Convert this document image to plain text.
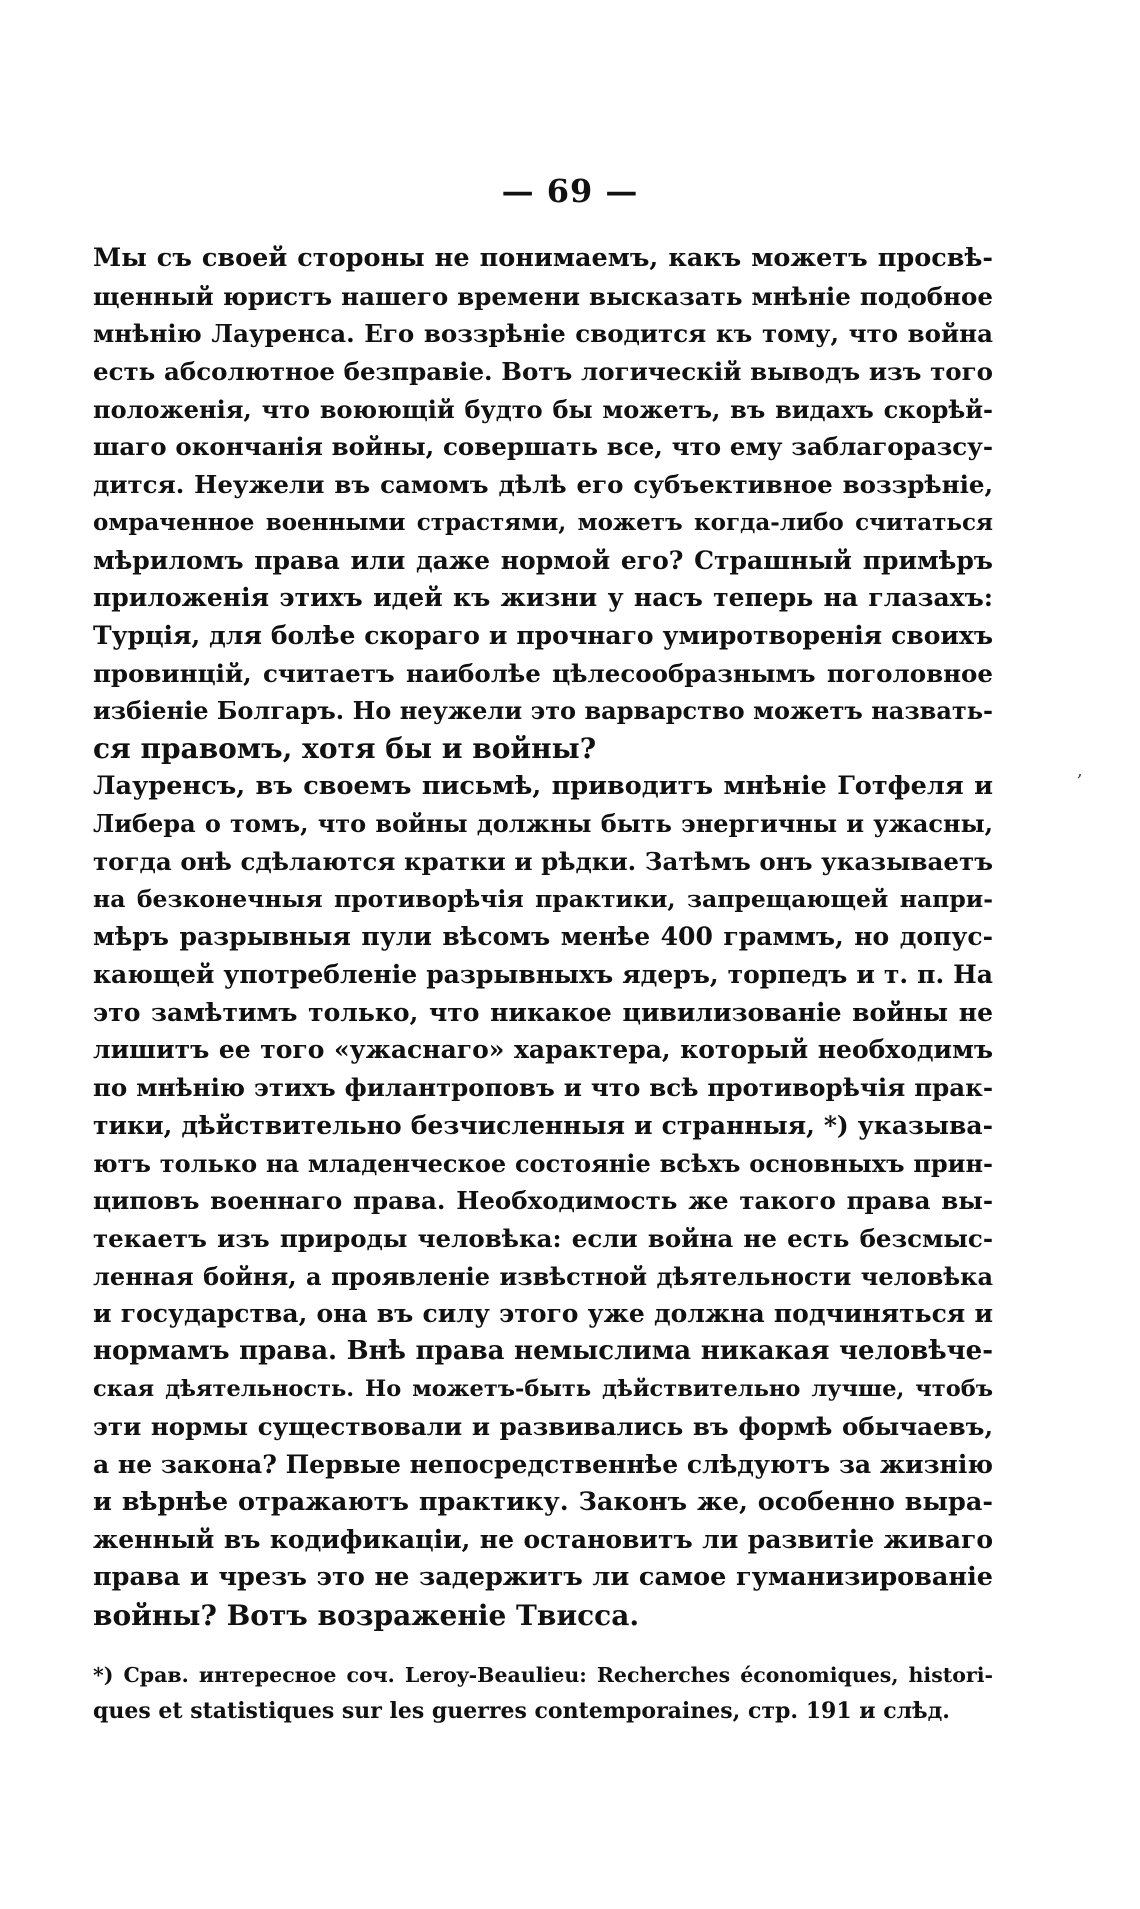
— 69 —
Мы съ своей стороны не понимаемъ, какъ можетъ просвѣ-
щенный юристъ нашего времени высказать мнѣніе подобное
мнѣнію Лауренса. Его воззрѣніе сводится къ тому, что война
есть абсолютное безправіе. Вотъ логическій выводъ изъ того
положенія, что воюющій будто бы можетъ, въ видахъ скорѣй-
шаго окончанія войны, совершать все, что ему заблагоразсу-
дится. Неужели въ самомъ дѣлѣ его субъективное воззрѣніе,
омраченное военными страстями, можетъ когда-либо считаться
мѣриломъ права или даже нормой его? Страшный примѣръ
приложенія этихъ идей къ жизни у насъ теперь на глазахъ:
Турція, для болѣе скораго и прочнаго умиротворенія своихъ
провинцій, считаетъ наиболѣе цѣлесообразнымъ поголовное
избіеніе Болгаръ. Но неужели это варварство можетъ назвать-
ся правомъ, хотя бы и войны?
Лаурeнсъ, въ своемъ письмѣ, приводитъ мнѣніе Готфеля и
Либера о томъ, что войны должны быть энергичны и ужасны,
тогда онѣ сдѣлаются кратки и рѣдки. Затѣмъ онъ указываетъ
на безконечныя противорѣчія практики, запрещающей напри-
мѣръ разрывныя пули вѣсомъ менѣе 400 граммъ, но допус-
кающей употребленіе разрывныхъ ядеръ, торпедъ и т. п. На
это замѣтимъ только, что никакое цивилизованіе войны не
лишитъ ее того «ужаснаго» характера, который необходимъ
по мнѣнію этихъ филантроповъ и что всѣ противорѣчія прак-
тики, дѣйствительно безчисленныя и странныя, *) указыва-
ютъ только на младенческое состояніе всѣхъ основныхъ прин-
циповъ военнаго права. Необходимость же такого права вы-
текаетъ изъ природы человѣка: если война не есть безсмыс-
ленная бойня, а проявленіе извѣстной дѣятельности человѣка
и государства, она въ силу этого уже должна подчиняться и
нормамъ права. Внѣ права немыслима никакая человѣче-
ская дѣятельность. Но можетъ-быть дѣйствительно лучше, чтобъ
эти нормы существовали и развивались въ формѣ обычаевъ,
а не закона? Первые непосредственнѣе слѣдуютъ за жизнію
и вѣрнѣе отражаютъ практику. Законъ же, особенно выра-
женный въ кодификаціи, не остановитъ ли развитіе живаго
права и чрезъ это не задержитъ ли самое гуманизированіе
войны? Вотъ возраженіе Твисса.
*) Срав. интересное соч. Leroy-Beaulieu: Recherches économiques, histori-
ques et statistiques sur les guerres contemporaines, стр. 191 и слѣд.
,
